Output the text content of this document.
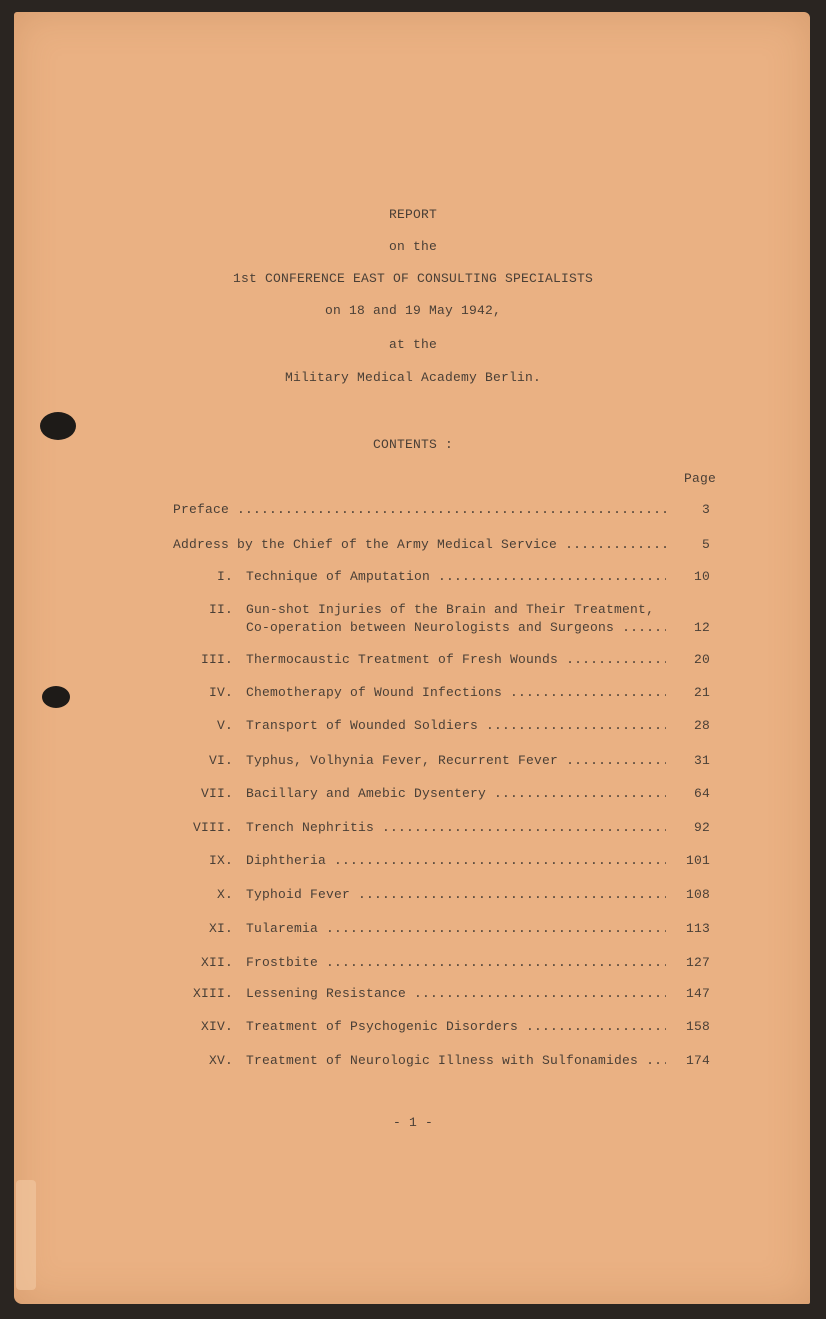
REPORT
on the
1st CONFERENCE EAST OF CONSULTING SPECIALISTS
on 18 and 19 May 1942,
at the
Military Medical Academy Berlin.
CONTENTS :
Page
Preface .....	3
Address by the Chief of the Army Medical Service .....	5
I. Technique of Amputation .....	10
II. Gun-shot Injuries of the Brain and Their Treatment,
Co-operation between Neurologists and Surgeons .....	12
III. Thermocaustic Treatment of Fresh Wounds .....	20
IV. Chemotherapy of Wound Infections .....	21
V. Transport of Wounded Soldiers .....	28
VI. Typhus, Volhynia Fever, Recurrent Fever .....	31
VII. Bacillary and Amebic Dysentery .....	64
VIII. Trench Nephritis .....	92
IX. Diphtheria .....	101
X. Typhoid Fever .....	108
XI. Tularemia .....	113
XII. Frostbite .....	127
XIII. Lessening Resistance .....	147
XIV. Treatment of Psychogenic Disorders .....	158
XV. Treatment of Neurologic Illness with Sulfonamides .....	174
- 1 -
